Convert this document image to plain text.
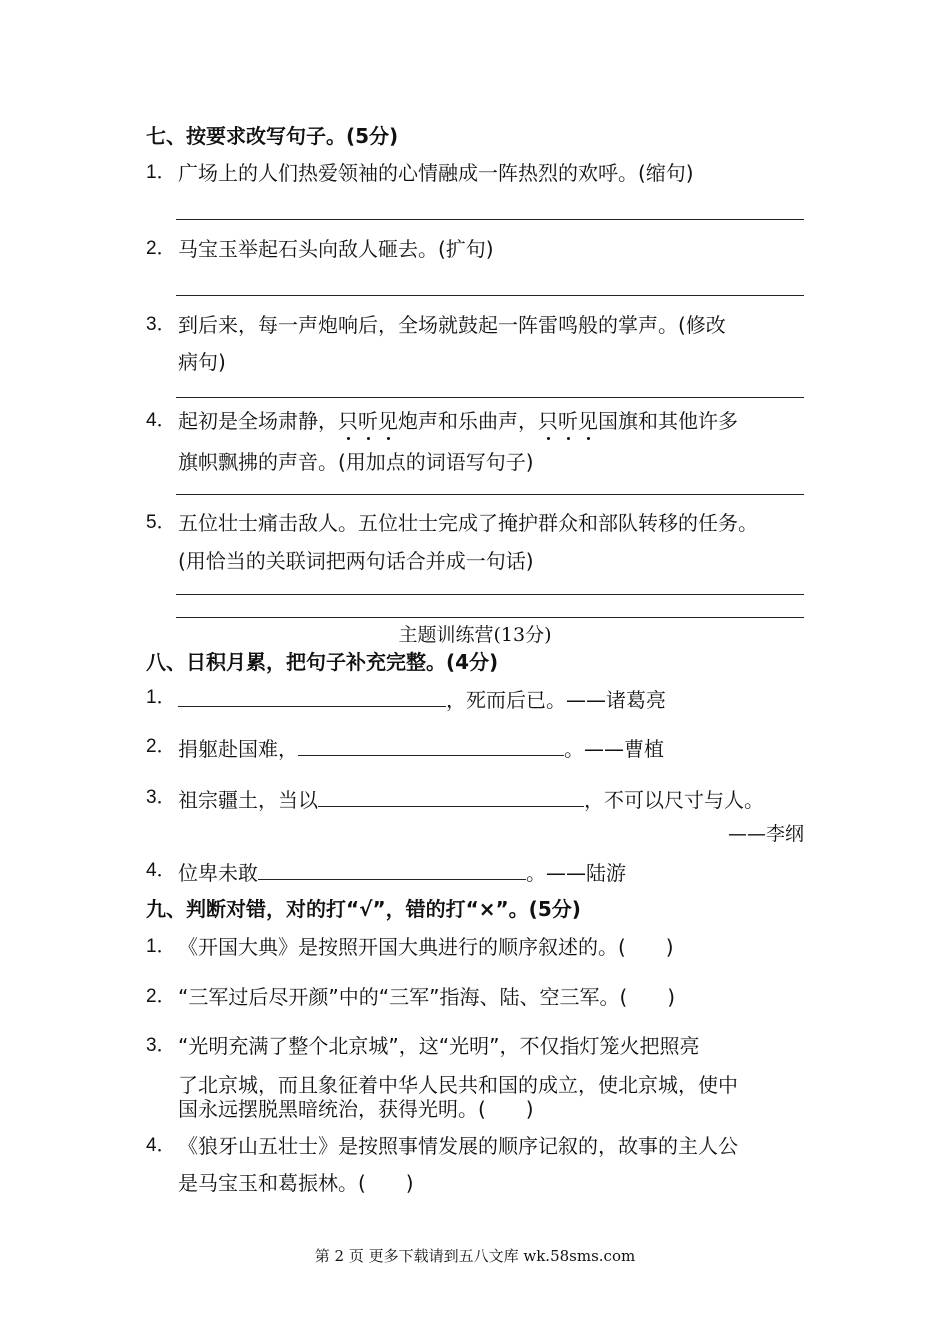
七、按要求改写句子。(5分)
1． 广场上的人们热爱领袖的心情融成一阵热烈的欢呼。(缩句)
2． 马宝玉举起石头向敌人砸去。(扩句)
3． 到后来，每一声炮响后，全场就鼓起一阵雷鸣般的掌声。(修改
病句)
4． 起初是全场肃静，只听见炮声和乐曲声，只听见国旗和其他许多
旗帜飘拂的声音。(用加点的词语写句子)
5． 五位壮士痛击敌人。五位壮士完成了掩护群众和部队转移的任务。
(用恰当的关联词把两句话合并成一句话)
主题训练营(13分)
八、日积月累，把句子补充完整。(4分)
1．	，死而后已。——诸葛亮
2． 捐躯赴国难，	。——曹植
3． 祖宗疆土，当以	，不可以尺寸与人。
——李纲
4． 位卑未敢	。——陆游
九、判断对错，对的打“√”，错的打“×”。(5分)
1． 《开国大典》是按照开国大典进行的顺序叙述的。(　　)
2． “三军过后尽开颜”中的“三军”指海、陆、空三军。(　　)
3． “光明充满了整个北京城”，这“光明”，不仅指灯笼火把照亮
了北京城，而且象征着中华人民共和国的成立，使北京城，使中
国永远摆脱黑暗统治，获得光明。(　　)
4． 《狼牙山五壮士》是按照事情发展的顺序记叙的，故事的主人公
是马宝玉和葛振林。(　　)
第 2 页 更多下载请到五八文库 wk.58sms.com
